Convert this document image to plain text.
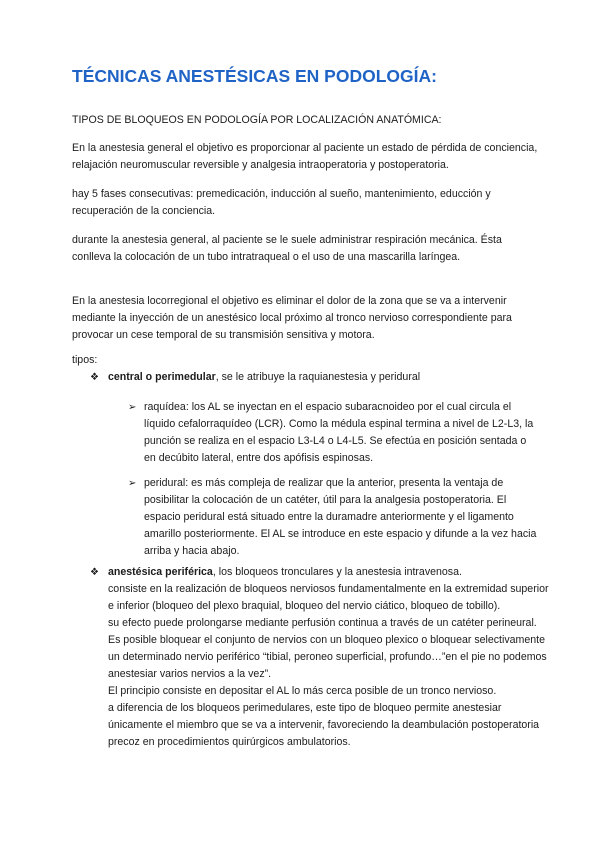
TÉCNICAS ANESTÉSICAS EN PODOLOGÍA:

TIPOS DE BLOQUEOS EN PODOLOGÍA POR LOCALIZACIÓN ANATÓMICA:

En la anestesia general el objetivo es proporcionar al paciente un estado de pérdida de conciencia, relajación neuromuscular reversible y analgesia intraoperatoria y postoperatoria.

hay 5 fases consecutivas: premedicación, inducción al sueño, mantenimiento, educción y recuperación de la conciencia.

durante la anestesia general, al paciente se le suele administrar respiración mecánica. Ésta conlleva la colocación de un tubo intratraqueal o el uso de una mascarilla laríngea.

En la anestesia locorregional el objetivo es eliminar el dolor de la zona que se va a intervenir mediante la inyección de un anestésico local próximo al tronco nervioso correspondiente para provocar un cese temporal de su transmisión sensitiva y motora.

tipos:

❖ central o perimedular, se le atribuye la raquianestesia y peridural
➢ raquídea: los AL se inyectan en el espacio subaracnoideo por el cual circula el líquido cefalorraquídeo (LCR). Como la médula espinal termina a nivel de L2-L3, la punción se realiza en el espacio L3-L4 o L4-L5. Se efectúa en posición sentada o en decúbito lateral, entre dos apófisis espinosas.
➢ peridural: es más compleja de realizar que la anterior, presenta la ventaja de posibilitar la colocación de un catéter, útil para la analgesia postoperatoria. El espacio peridural está situado entre la duramadre anteriormente y el ligamento amarillo posteriormente. El AL se introduce en este espacio y difunde a la vez hacia arriba y hacia abajo.
❖ anestésica periférica, los bloqueos tronculares y la anestesia intravenosa.
consiste en la realización de bloqueos nerviosos fundamentalmente en la extremidad superior e inferior (bloqueo del plexo braquial, bloqueo del nervio ciático, bloqueo de tobillo).
su efecto puede prolongarse mediante perfusión continua a través de un catéter perineural. Es posible bloquear el conjunto de nervios con un bloqueo plexico o bloquear selectivamente un determinado nervio periférico “tibial, peroneo superficial, profundo…”en el pie no podemos anestesiar varios nervios a la vez”.
El principio consiste en depositar el AL lo más cerca posible de un tronco nervioso.
a diferencia de los bloqueos perimedulares, este tipo de bloqueo permite anestesiar únicamente el miembro que se va a intervenir, favoreciendo la deambulación postoperatoria precoz en procedimientos quirúrgicos ambulatorios.
